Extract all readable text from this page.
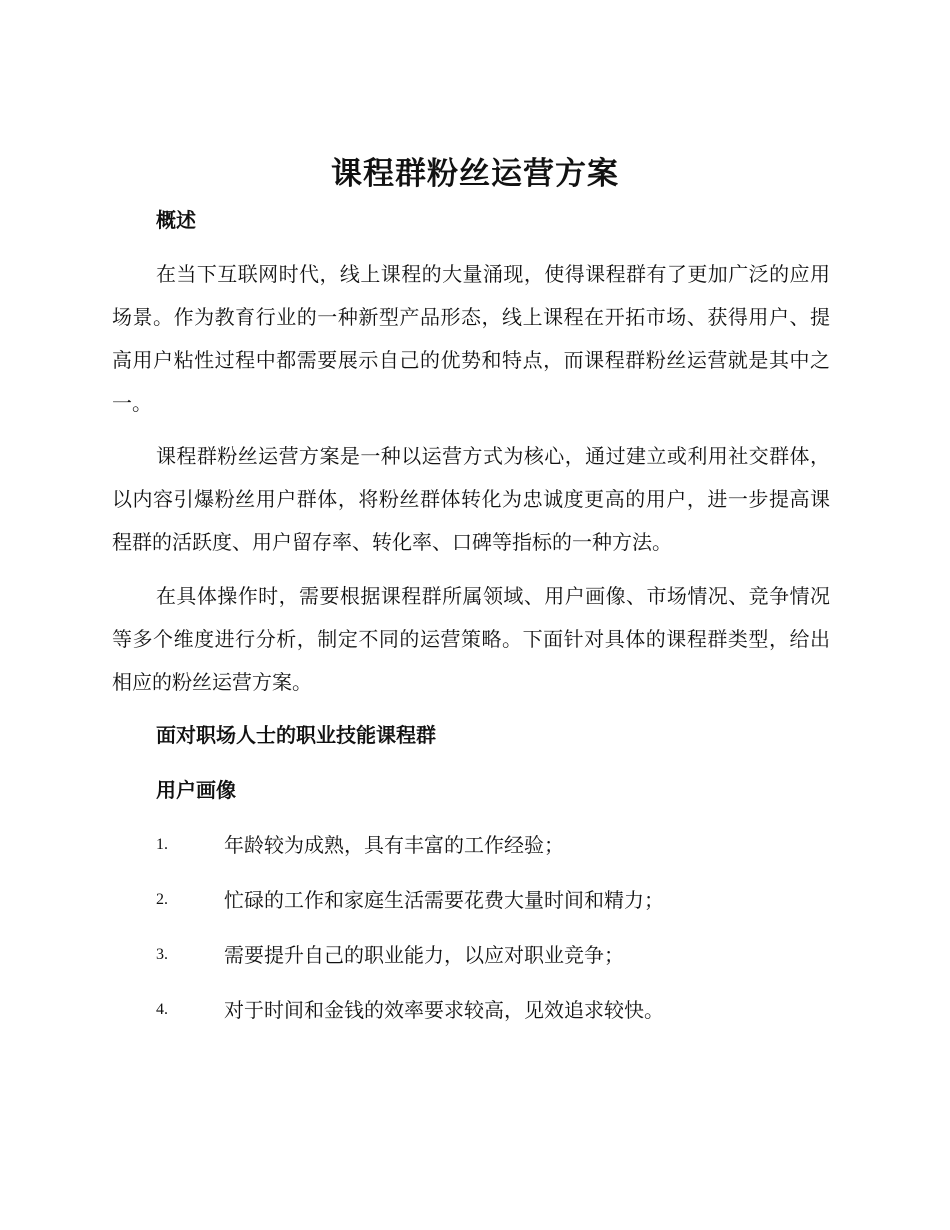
课程群粉丝运营方案
概述

在当下互联网时代，线上课程的大量涌现，使得课程群有了更加广泛的应用场景。作为教育行业的一种新型产品形态，线上课程在开拓市场、获得用户、提高用户粘性过程中都需要展示自己的优势和特点，而课程群粉丝运营就是其中之一。

课程群粉丝运营方案是一种以运营方式为核心，通过建立或利用社交群体，以内容引爆粉丝用户群体，将粉丝群体转化为忠诚度更高的用户，进一步提高课程群的活跃度、用户留存率、转化率、口碑等指标的一种方法。

在具体操作时，需要根据课程群所属领域、用户画像、市场情况、竞争情况等多个维度进行分析，制定不同的运营策略。下面针对具体的课程群类型，给出相应的粉丝运营方案。

面对职场人士的职业技能课程群
用户画像
1.	年龄较为成熟，具有丰富的工作经验；
2.	忙碌的工作和家庭生活需要花费大量时间和精力；
3.	需要提升自己的职业能力，以应对职业竞争；
4.	对于时间和金钱的效率要求较高，见效追求较快。
